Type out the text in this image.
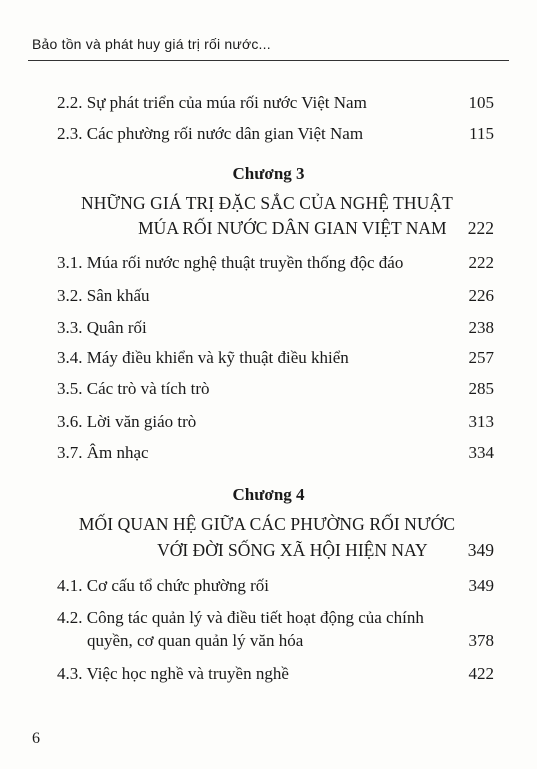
Bảo tồn và phát huy giá trị rối nước...
2.2. Sự phát triển của múa rối nước Việt Nam	105
2.3. Các phường rối nước dân gian Việt Nam	115
Chương 3
NHỮNG GIÁ TRỊ ĐẶC SẮC CỦA NGHỆ THUẬT
MÚA RỐI NƯỚC DÂN GIAN VIỆT NAM	222
3.1. Múa rối nước nghệ thuật truyền thống độc đáo	222
3.2. Sân khấu	226
3.3. Quân rối	238
3.4. Máy điều khiển và kỹ thuật điều khiển	257
3.5. Các trò và tích trò	285
3.6. Lời văn giáo trò	313
3.7. Âm nhạc	334
Chương 4
MỐI QUAN HỆ GIỮA CÁC PHƯỜNG RỐI NƯỚC
VỚI ĐỜI SỐNG XÃ HỘI HIỆN NAY	349
4.1. Cơ cấu tổ chức phường rối	349
4.2. Công tác quản lý và điều tiết hoạt động của chính
quyền, cơ quan quản lý văn hóa	378
4.3. Việc học nghề và truyền nghề	422
6
